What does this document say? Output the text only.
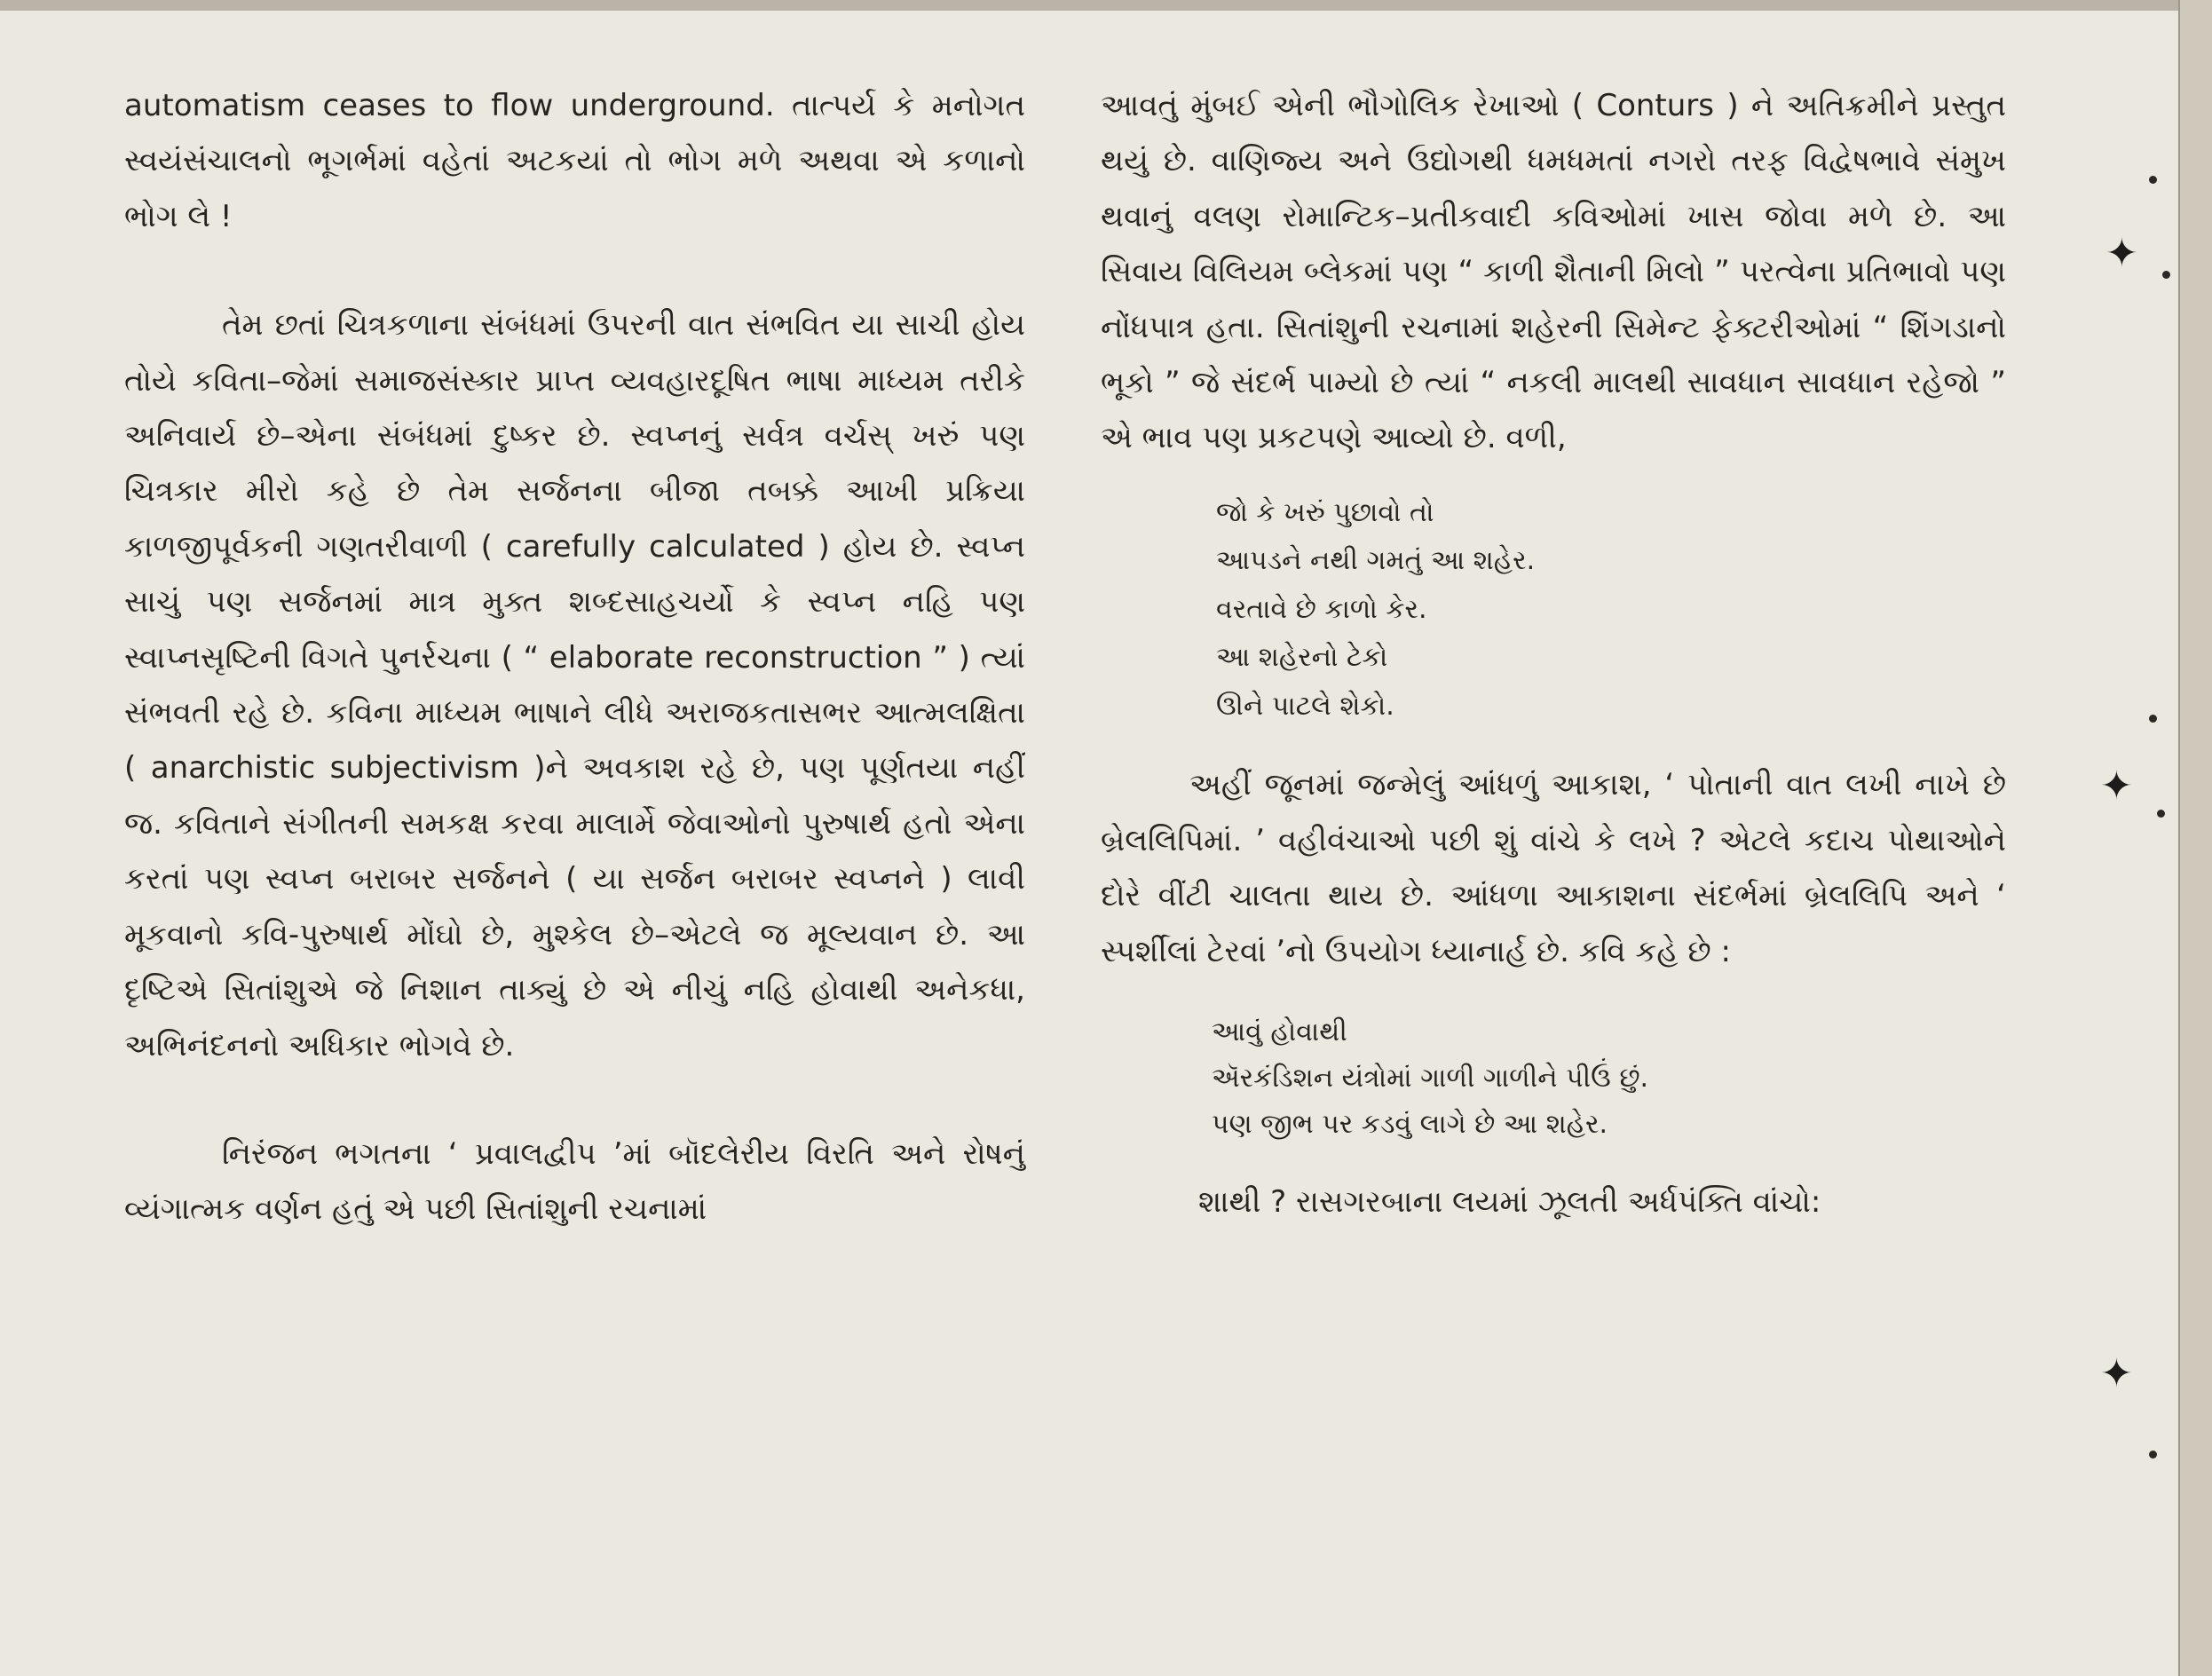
automatism ceases to flow underground. તાત્પર્ય કે મનોગત સ્વયંસંચાલનો ભૂગર્ભમાં વહેતાં અટકયાં તો ભોગ મળે અથવા એ કળાનો ભોગ લે !

તેમ છતાં ચિત્રકળાના સંબંધમાં ઉપરની વાત સંભવિત યા સાચી હોય તોયે કવિતા–જેમાં સમાજસંસ્કાર પ્રાપ્ત વ્યવહારદૂષિત ભાષા માધ્યમ તરીકે અનિવાર્ય છે–એના સંબંધમાં દુષ્કર છે. સ્વપ્નનું સર્વત્ર વર્ચસ્ ખરું પણ ચિત્રકાર મીરો કહે છે તેમ સર્જનના બીજા તબક્કે આખી પ્રક્રિયા કાળજીપૂર્વકની ગણતરીવાળી ( carefully calculated ) હોય છે. સ્વપ્ન સાચું પણ સર્જનમાં માત્ર મુક્ત શબ્દસાહચર્યો કે સ્વપ્ન નહિ પણ સ્વાપ્નસૃષ્ટિની વિગતે પુનર્રચના ( “ elaborate reconstruction ” ) ત્યાં સંભવતી રહે છે. કવિના માધ્યમ ભાષાને લીધે અરાજકતાસભર આત્મલક્ષિતા ( anarchistic subjectivism )ને અવકાશ રહે છે, પણ પૂર્ણતયા નહીં જ. કવિતાને સંગીતની સમકક્ષ કરવા માલાર્મે જેવાઓનો પુરુષાર્થ હતો એના કરતાં પણ સ્વપ્ન બરાબર સર્જનને ( યા સર્જન બરાબર સ્વપ્નને ) લાવી મૂકવાનો કવિ-પુરુષાર્થ મોંઘો છે, મુશ્કેલ છે–એટલે જ મૂલ્યવાન છે. આ દૃષ્ટિએ સિતાંશુએ જે નિશાન તાક્યું છે એ નીચું નહિ હોવાથી અનેકધા, અભિનંદનનો અધિકાર ભોગવે છે.

નિરંજન ભગતના ‘ પ્રવાલદ્વીપ ’માં બૉદલેરીય વિરતિ અને રોષનું વ્યંગાત્મક વર્ણન હતું એ પછી સિતાંશુની રચનામાં

આવતું મુંબઈ એની ભૌગોલિક રેખાઓ ( Conturs ) ને અતિક્રમીને પ્રસ્તુત થયું છે. વાણિજ્ય અને ઉદ્યોગથી ધમધમતાં નગરો તરફ વિદ્વેષભાવે સંમુખ થવાનું વલણ રોમાન્ટિક–પ્રતીકવાદી કવિઓમાં ખાસ જોવા મળે છે. આ સિવાય વિલિયમ બ્લેકમાં પણ “ કાળી શૈતાની મિલો ” પરત્વેના પ્રતિભાવો પણ નોંધપાત્ર હતા. સિતાંશુની રચનામાં શહેરની સિમેન્ટ ફેક્ટરીઓમાં “ શિંગડાનો ભૂકો ” જે સંદર્ભ પામ્યો છે ત્યાં “ નકલી માલથી સાવધાન સાવધાન રહેજો ” એ ભાવ પણ પ્રકટપણે આવ્યો છે. વળી,

જો કે ખરું પુછાવો તો
આપડને નથી ગમતું આ શહેર.
વરતાવે છે કાળો કેર.
આ શહેરનો ટેકો
ઊને પાટલે શેકો.

અહીં જૂનમાં જન્મેલું આંધળું આકાશ, ‘ પોતાની વાત લખી નાખે છે બ્રેલલિપિમાં. ’ વહીવંચાઓ પછી શું વાંચે કે લખે ? એટલે કદાચ પોથાઓને દોરે વીંટી ચાલતા થાય છે. આંધળા આકાશના સંદર્ભમાં બ્રેલલિપિ અને ‘ સ્પર્શીલાં ટેરવાં ’નો ઉપયોગ ધ્યાનાર્હ છે. કવિ કહે છે :

આવું હોવાથી
ઍરકંડિશન યંત્રોમાં ગાળી ગાળીને પીઉં છું.
પણ જીભ પર કડવું લાગે છે આ શહેર.

શાથી ? રાસગરબાના લયમાં ઝૂલતી અર્ધપંક્તિ વાંચો:

✦
✦
✦
